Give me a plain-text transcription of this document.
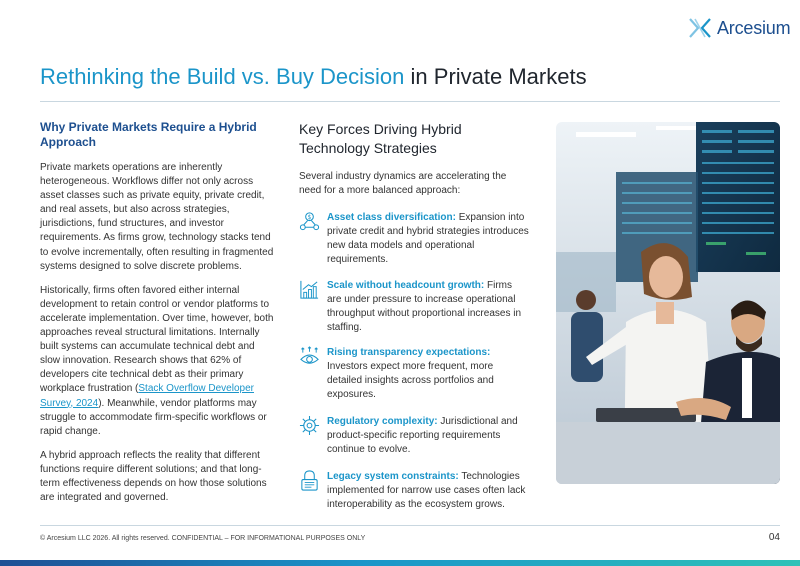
Arcesium
Rethinking the Build vs. Buy Decision in Private Markets
Why Private Markets Require a Hybrid Approach

Private markets operations are inherently heterogeneous. Workflows differ not only across asset classes such as private equity, private credit, and real assets, but also across strategies, jurisdictions, fund structures, and investor requirements. As firms grow, technology stacks tend to evolve incrementally, often resulting in fragmented systems designed to solve discrete problems.

Historically, firms often favored either internal development to retain control or vendor platforms to accelerate implementation. Over time, however, both approaches reveal structural limitations. Internally built systems can accumulate technical debt and slow innovation. Research shows that 62% of developers cite technical debt as their primary workplace frustration (Stack Overflow Developer Survey, 2024). Meanwhile, vendor platforms may struggle to accommodate firm-specific workflows or rapid change.

A hybrid approach reflects the reality that different functions require different solutions; and that long-term effectiveness depends on how those solutions are integrated and governed.

Key Forces Driving Hybrid Technology Strategies

Several industry dynamics are accelerating the need for a more balanced approach:

$ Asset class diversification: Expansion into private credit and hybrid strategies introduces new data models and operational requirements.
Scale without headcount growth: Firms are under pressure to increase operational throughput without proportional increases in staffing.
Rising transparency expectations: Investors expect more frequent, more detailed insights across portfolios and exposures.
Regulatory complexity: Jurisdictional and product-specific reporting requirements continue to evolve.
Legacy system constraints: Technologies implemented for narrow use cases often lack interoperability as the ecosystem grows.
© Arcesium LLC 2026. All rights reserved. CONFIDENTIAL – FOR INFORMATIONAL PURPOSES ONLY	04
